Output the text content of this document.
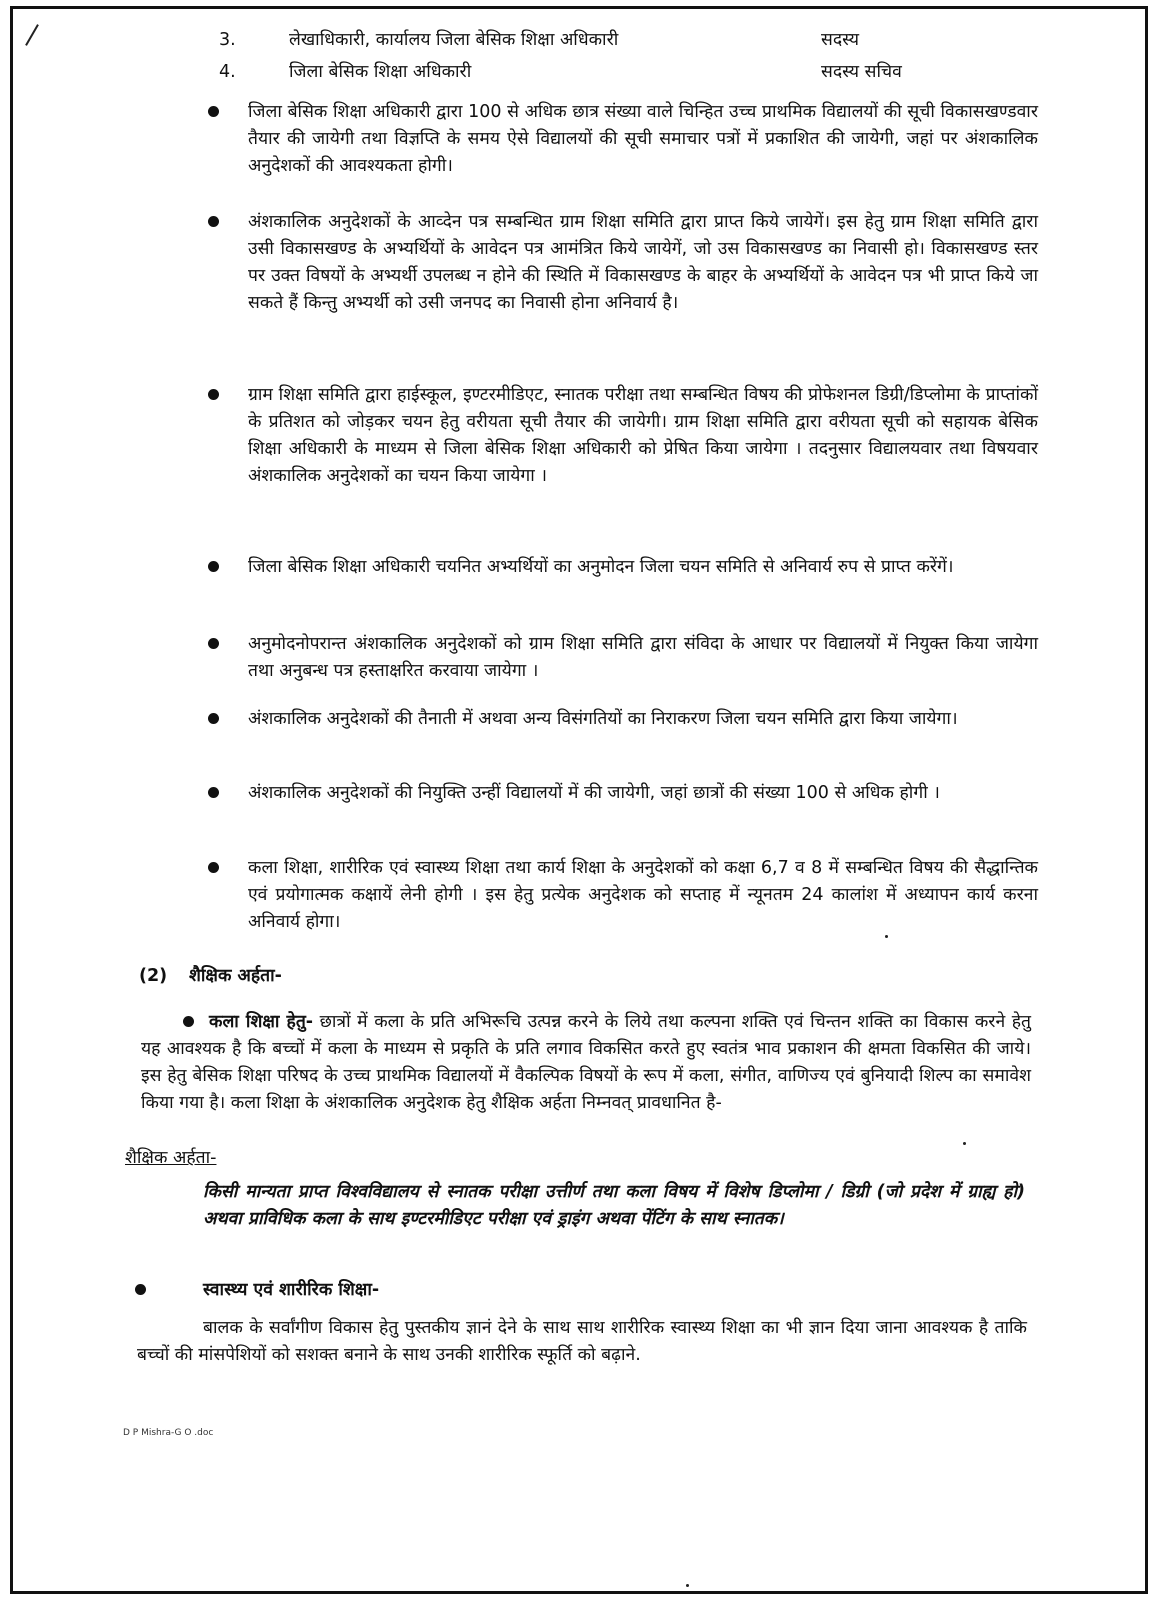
3.	लेखाधिकारी, कार्यालय जिला बेसिक शिक्षा अधिकारी	सदस्य
4.	जिला बेसिक शिक्षा अधिकारी	सदस्य सचिव
जिला बेसिक शिक्षा अधिकारी द्वारा 100 से अधिक छात्र संख्या वाले चिन्हित उच्च प्राथमिक विद्यालयों की सूची विकासखण्डवार तैयार की जायेगी तथा विज्ञप्ति के समय ऐसे विद्यालयों की सूची समाचार पत्रों में प्रकाशित की जायेगी, जहां पर अंशकालिक अनुदेशकों की आवश्यकता होगी।
अंशकालिक अनुदेशकों के आव्देन पत्र सम्बन्धित ग्राम शिक्षा समिति द्वारा प्राप्त किये जायेगें। इस हेतु ग्राम शिक्षा समिति द्वारा उसी विकासखण्ड के अभ्यर्थियों के आवेदन पत्र आमंत्रित किये जायेगें, जो उस विकासखण्ड का निवासी हो। विकासखण्ड स्तर पर उक्त विषयों के अभ्यर्थी उपलब्ध न होने की स्थिति में विकासखण्ड के बाहर के अभ्यर्थियों के आवेदन पत्र भी प्राप्त किये जा सकते हैं किन्तु अभ्यर्थी को उसी जनपद का निवासी होना अनिवार्य है।
ग्राम शिक्षा समिति द्वारा हाईस्कूल, इण्टरमीडिएट, स्नातक परीक्षा तथा सम्बन्धित विषय की प्रोफेशनल डिग्री/डिप्लोमा के प्राप्तांकों के प्रतिशत को जोड़कर चयन हेतु वरीयता सूची तैयार की जायेगी। ग्राम शिक्षा समिति द्वारा वरीयता सूची को सहायक बेसिक शिक्षा अधिकारी के माध्यम से जिला बेसिक शिक्षा अधिकारी को प्रेषित किया जायेगा । तदनुसार विद्यालयवार तथा विषयवार अंशकालिक अनुदेशकों का चयन किया जायेगा ।
जिला बेसिक शिक्षा अधिकारी चयनित अभ्यर्थियों का अनुमोदन जिला चयन समिति से अनिवार्य रुप से प्राप्त करेंगें।
अनुमोदनोपरान्त अंशकालिक अनुदेशकों को ग्राम शिक्षा समिति द्वारा संविदा के आधार पर विद्यालयों में नियुक्त किया जायेगा तथा अनुबन्ध पत्र हस्ताक्षरित करवाया जायेगा ।
अंशकालिक अनुदेशकों की तैनाती में अथवा अन्य विसंगतियों का निराकरण जिला चयन समिति द्वारा किया जायेगा।
अंशकालिक अनुदेशकों की नियुक्ति उन्हीं विद्यालयों में की जायेगी, जहां छात्रों की संख्या 100 से अधिक होगी ।
कला शिक्षा, शारीरिक एवं स्वास्थ्य शिक्षा तथा कार्य शिक्षा के अनुदेशकों को कक्षा 6,7 व 8 में सम्बन्धित विषय की सैद्धान्तिक एवं प्रयोगात्मक कक्षायें लेनी होगी । इस हेतु प्रत्येक अनुदेशक को सप्ताह में न्यूनतम 24 कालांश में अध्यापन कार्य करना अनिवार्य होगा।
(2) शैक्षिक अर्हता-
कला शिक्षा हेतु- छात्रों में कला के प्रति अभिरूचि उत्पन्न करने के लिये तथा कल्पना शक्ति एवं चिन्तन शक्ति का विकास करने हेतु यह आवश्यक है कि बच्चों में कला के माध्यम से प्रकृति के प्रति लगाव विकसित करते हुए स्वतंत्र भाव प्रकाशन की क्षमता विकसित की जाये। इस हेतु बेसिक शिक्षा परिषद के उच्च प्राथमिक विद्यालयों में वैकल्पिक विषयों के रूप में कला, संगीत, वाणिज्य एवं बुनियादी शिल्प का समावेश किया गया है। कला शिक्षा के अंशकालिक अनुदेशक हेतु शैक्षिक अर्हता निम्नवत् प्रावधानित है-
शैक्षिक अर्हता-
किसी मान्यता प्राप्त विश्वविद्यालय से स्नातक परीक्षा उत्तीर्ण तथा कला विषय में विशेष डिप्लोमा / डिग्री (जो प्रदेश में ग्राह्य हो) अथवा प्राविधिक कला के साथ इण्टरमीडिएट परीक्षा एवं ड्राइंग अथवा पेंटिंग के साथ स्नातक।
स्वास्थ्य एवं शारीरिक शिक्षा-
बालक के सर्वांगीण विकास हेतु पुस्तकीय ज्ञानं देने के साथ साथ शारीरिक स्वास्थ्य शिक्षा का भी ज्ञान दिया जाना आवश्यक है ताकि बच्चों की मांसपेशियों को सशक्त बनाने के साथ उनकी शारीरिक स्फूर्ति को बढ़ाने.
D P Mishra-G O .doc
